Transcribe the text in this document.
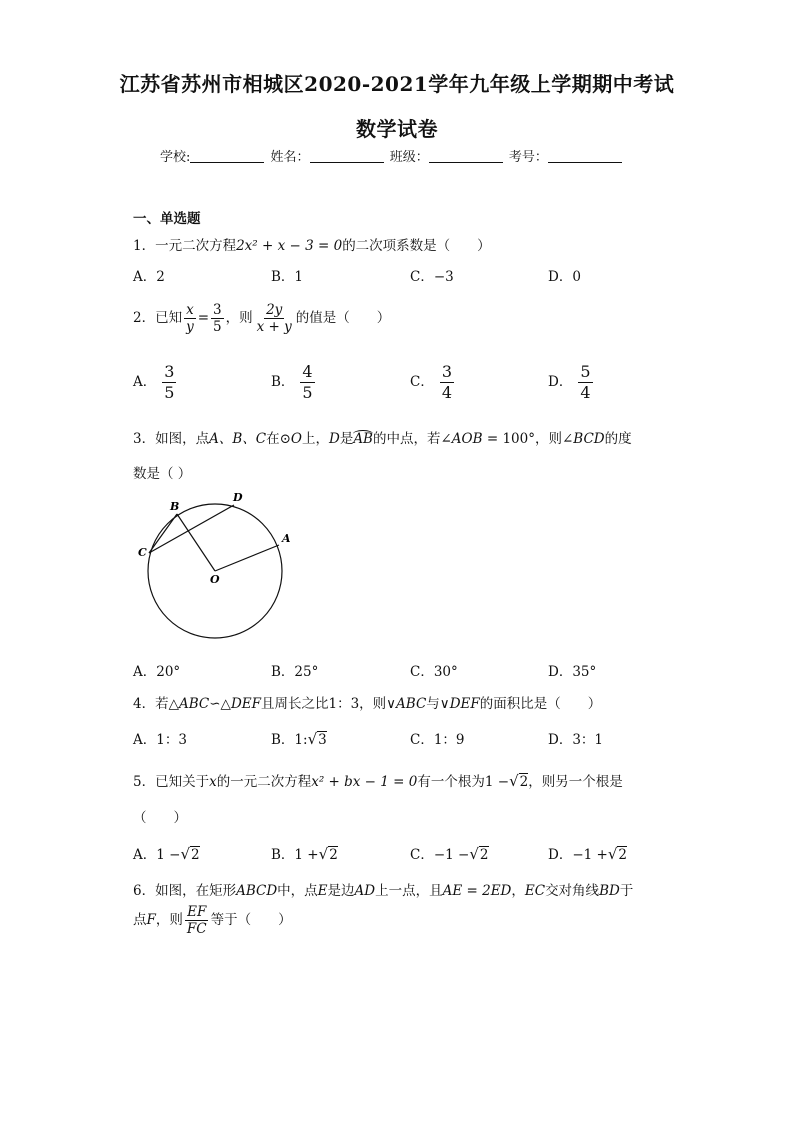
江苏省苏州市相城区2020-2021学年九年级上学期期中考试
数学试卷
学校:	姓名：	班级：	考号：
一、单选题
1．一元二次方程2x² + x − 3 = 0的二次项系数是（　　）
A．2	B．1	C．−3	D．0
2．已知 $\frac{x}{y} = \frac{3}{5}$ ，则 $\frac{2y}{x + y}$ 的值是（　　）
A． $\frac{3}{5}$	B． $\frac{4}{5}$	C． $\frac{3}{4}$	D． $\frac{5}{4}$
3．如图，点A、B、C在⊙O上，D是AB的中点，若∠AOB = 100°，则∠BCD的度
数是（ ）
B
D
A
C
O
A．20°	B．25°	C．30°	D．35°
4．若△ABC∽△DEF且周长之比1：3，则∨ABC与∨DEF的面积比是（　　）
A．1：3	B．1:√3	C．1：9	D．3：1
5．已知关于x的一元二次方程x² + bx − 1 = 0有一个根为1 −√2，则另一个根是
（　　）
A．1 −√2	B．1 +√2	C．−1 −√2	D．−1 +√2
6．如图，在矩形ABCD中，点E是边AD上一点，且AE = 2ED，EC交对角线BD于
点F，则 $\frac{EF}{FC}$ 等于（　　）
